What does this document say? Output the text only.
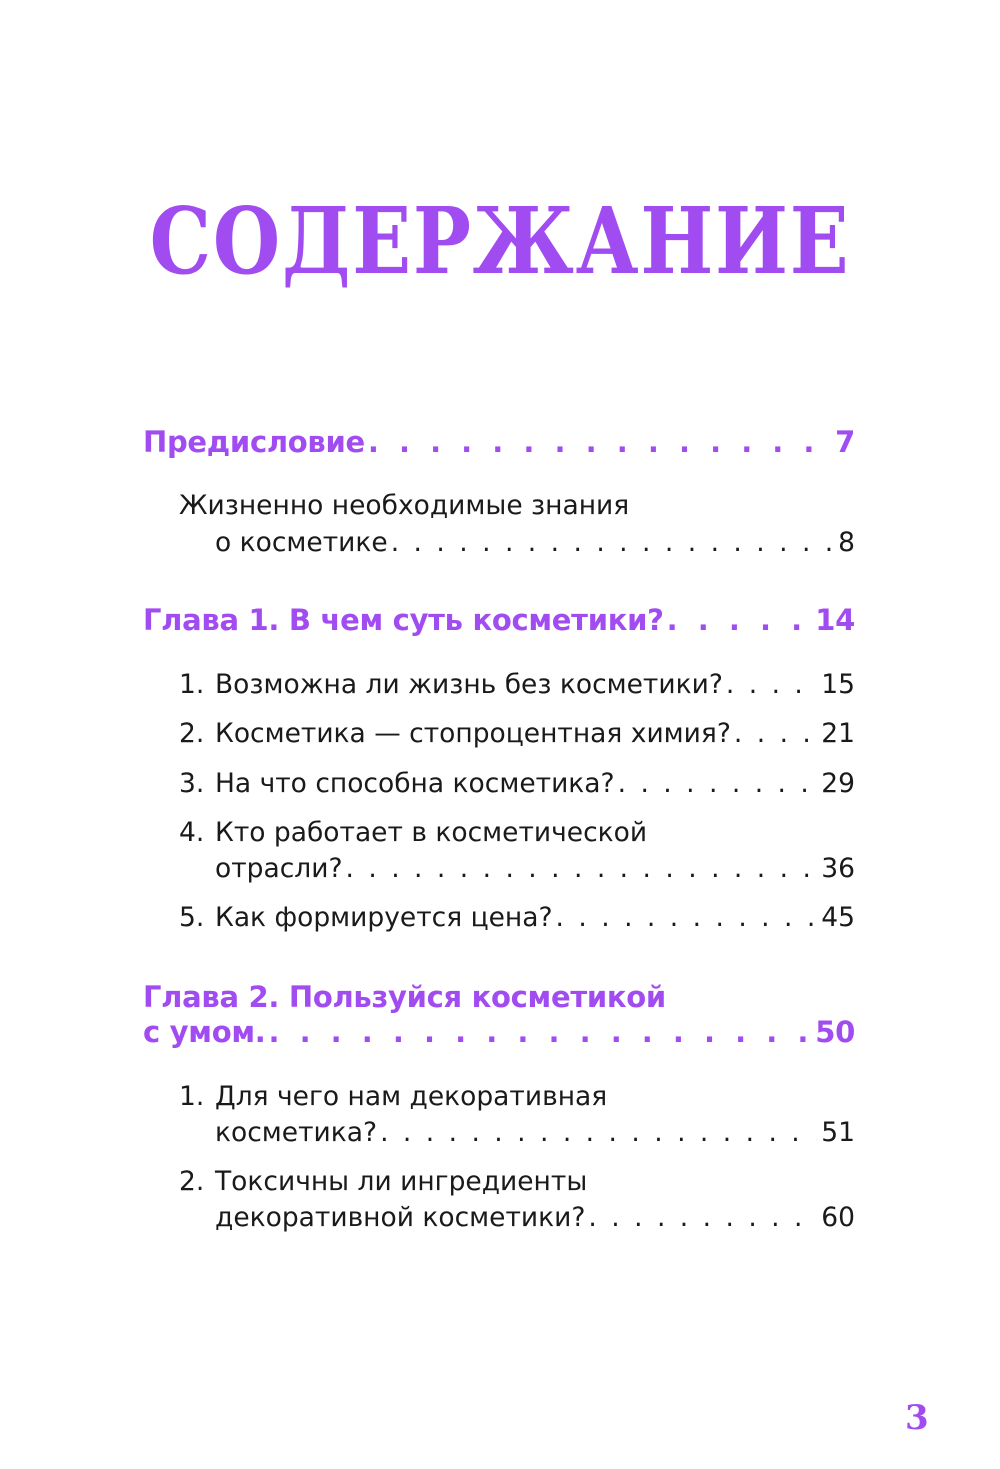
СОДЕРЖАНИЕ
Предисловие . . .	7
Жизненно необходимые знания
о косметике . . .	8
Глава 1. В чем суть косметики? . . .	14
1. Возможна ли жизнь без косметики? . . .	15
2. Косметика — стопроцентная химия? . . .	21
3. На что способна косметика? . . .	29
4. Кто работает в косметической
отрасли? . . .	36
5. Как формируется цена? . . .	45
Глава 2. Пользуйся косметикой
с умом. . . .	50
1. Для чего нам декоративная
косметика? . . .	51
2. Токсичны ли ингредиенты
декоративной косметики? . . .	60
3
